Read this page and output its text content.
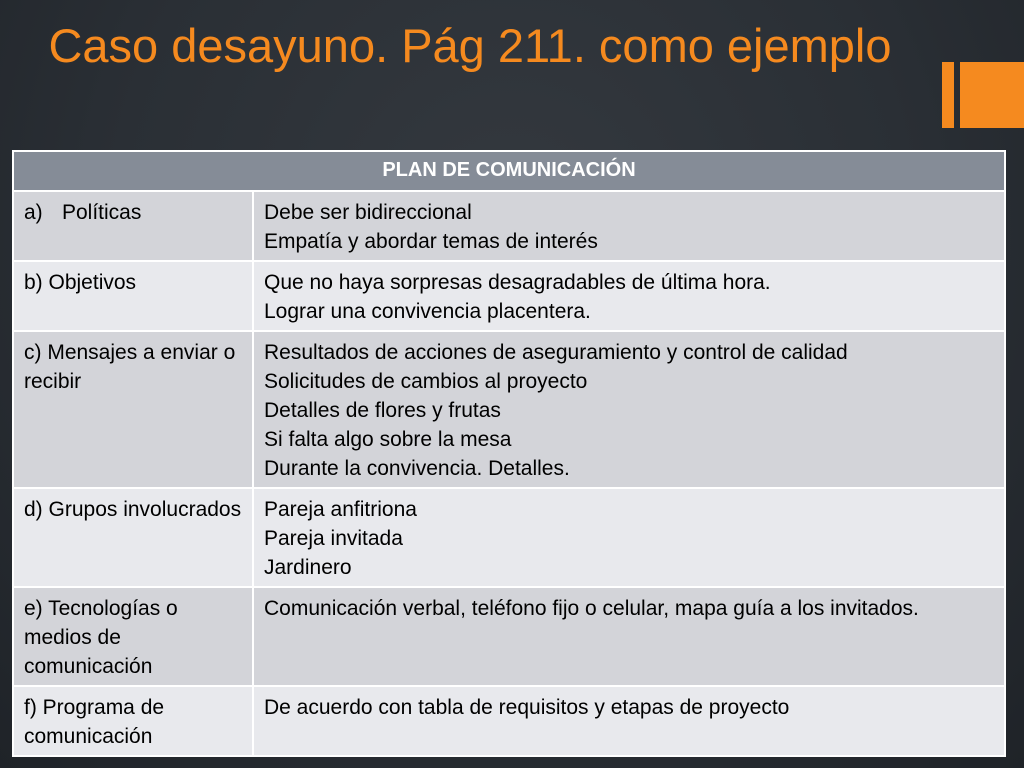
Caso desayuno. Pág 211. como ejemplo
PLAN DE COMUNICACIÓN	
a) Políticas	Debe ser bidireccional
Empatía y abordar temas de interés

b) Objetivos	Que no haya sorpresas desagradables de última hora.
Lograr una convivencia placentera.

c) Mensajes a enviar o recibir	Resultados de acciones de aseguramiento y control de calidad
Solicitudes de cambios al proyecto
Detalles de flores y frutas
Si falta algo sobre la mesa
Durante la convivencia. Detalles.

d) Grupos involucrados	Pareja anfitriona
Pareja invitada
Jardinero

e) Tecnologías o medios de comunicación	Comunicación verbal, teléfono fijo o celular, mapa guía a los invitados.

f) Programa de comunicación	De acuerdo con tabla de requisitos y etapas de proyecto
